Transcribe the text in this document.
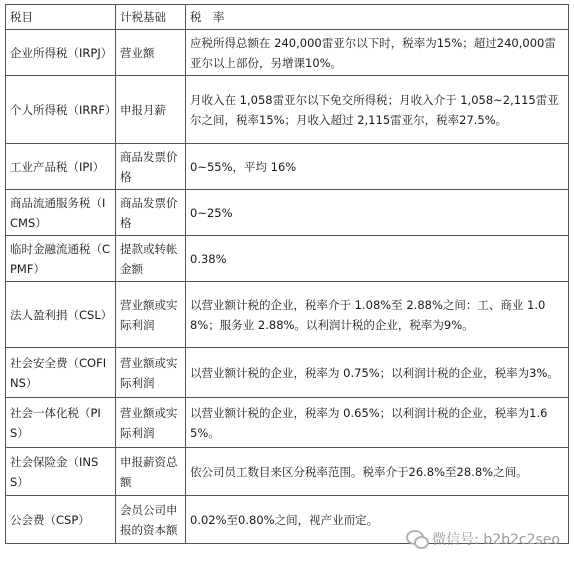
税目	计税基础	税　率
企业所得税（IRPJ）	营业额	应税所得总额在 240,000雷亚尔以下时，税率为15%；超过240,000雷亚尔以上部份，另增课10%。
个人所得税（IRRF）	申报月薪	月收入在 1,058雷亚尔以下免交所得税；月收入介于 1,058~2,115雷亚尔之间，税率15%；月收入超过 2,115雷亚尔，税率27.5%。
工业产品税（IPI）	商品发票价格	0~55%，平均 16%
商品流通服务税（ICMS）	商品发票价格	0~25%
临时金融流通税（CPMF）	提款或转帐金额	0.38%
法人盈利捐（CSL）	营业额或实际利润	以营业额计税的企业，税率介于 1.08%至 2.88%之间：工、商业 1.08%；服务业 2.88%。以利润计税的企业，税率为9%。
社会安全费（COFINS）	营业额或实际利润	以营业额计税的企业，税率为 0.75%；以利润计税的企业，税率为3%。
社会一体化税（PIS）	营业额或实际利润	以营业额计税的企业，税率为 0.65%；以利润计税的企业，税率为1.65%。
社会保险金（INSS）	申报薪资总额	依公司员工数目来区分税率范围。税率介于26.8%至28.8%之间。
公会费（CSP）	会员公司申报的资本额	0.02%至0.80%之间，视产业而定。
微信号: b2b2c2seo
